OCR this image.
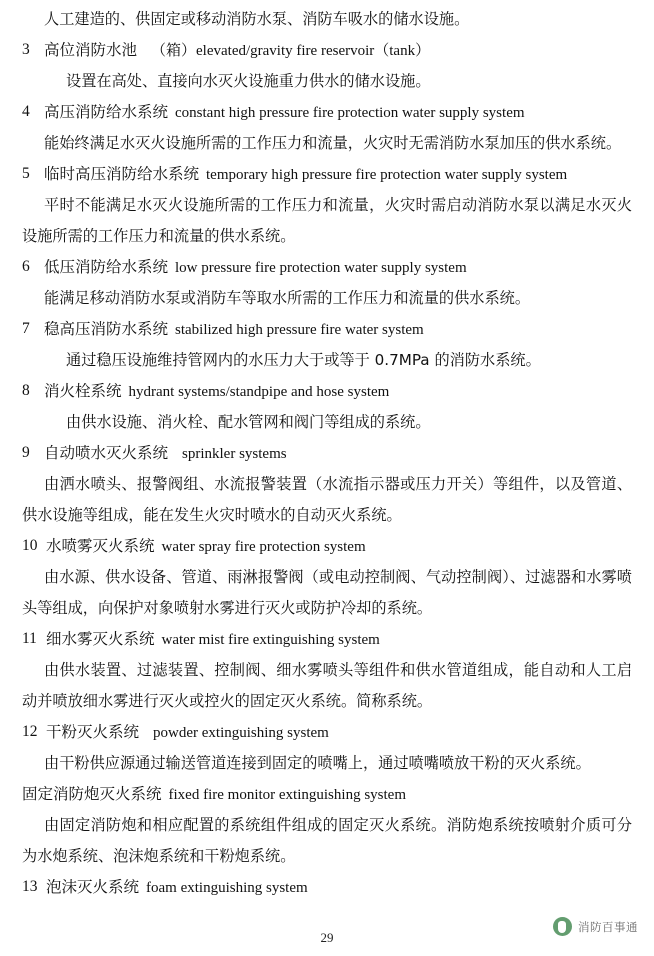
人工建造的、供固定或移动消防水泵、消防车吸水的储水设施。
3 高位消防水池 （箱）elevated/gravity fire reservoir（tank）
设置在高处、直接向水灭火设施重力供水的储水设施。
4 高压消防给水系统 constant high pressure fire protection water supply system
能始终满足水灭火设施所需的工作压力和流量，火灾时无需消防水泵加压的供水系统。
5 临时高压消防给水系统 temporary high pressure fire protection water supply system
平时不能满足水灭火设施所需的工作压力和流量，火灾时需启动消防水泵以满足水灭火设施所需的工作压力和流量的供水系统。
6 低压消防给水系统 low pressure fire protection water supply system
能满足移动消防水泵或消防车等取水所需的工作压力和流量的供水系统。
7 稳高压消防水系统 stabilized high pressure fire water system
通过稳压设施维持管网内的水压力大于或等于 0.7MPa 的消防水系统。
8 消火栓系统 hydrant systems/standpipe and hose system
由供水设施、消火栓、配水管网和阀门等组成的系统。
9 自动喷水灭火系统 sprinkler systems
由洒水喷头、报警阀组、水流报警装置（水流指示器或压力开关）等组件，以及管道、供水设施等组成，能在发生火灾时喷水的自动灭火系统。
10 水喷雾灭火系统 water spray fire protection system
由水源、供水设备、管道、雨淋报警阀（或电动控制阀、气动控制阀）、过滤器和水雾喷头等组成，向保护对象喷射水雾进行灭火或防护冷却的系统。
11 细水雾灭火系统 water mist fire extinguishing system
由供水装置、过滤装置、控制阀、细水雾喷头等组件和供水管道组成，能自动和人工启动并喷放细水雾进行灭火或控火的固定灭火系统。简称系统。
12 干粉灭火系统 powder extinguishing system
由干粉供应源通过输送管道连接到固定的喷嘴上，通过喷嘴喷放干粉的灭火系统。
固定消防炮灭火系统 fixed fire monitor extinguishing system
由固定消防炮和相应配置的系统组件组成的固定灭火系统。消防炮系统按喷射介质可分为水炮系统、泡沫炮系统和干粉炮系统。
13 泡沫灭火系统 foam extinguishing system
29
消防百事通
